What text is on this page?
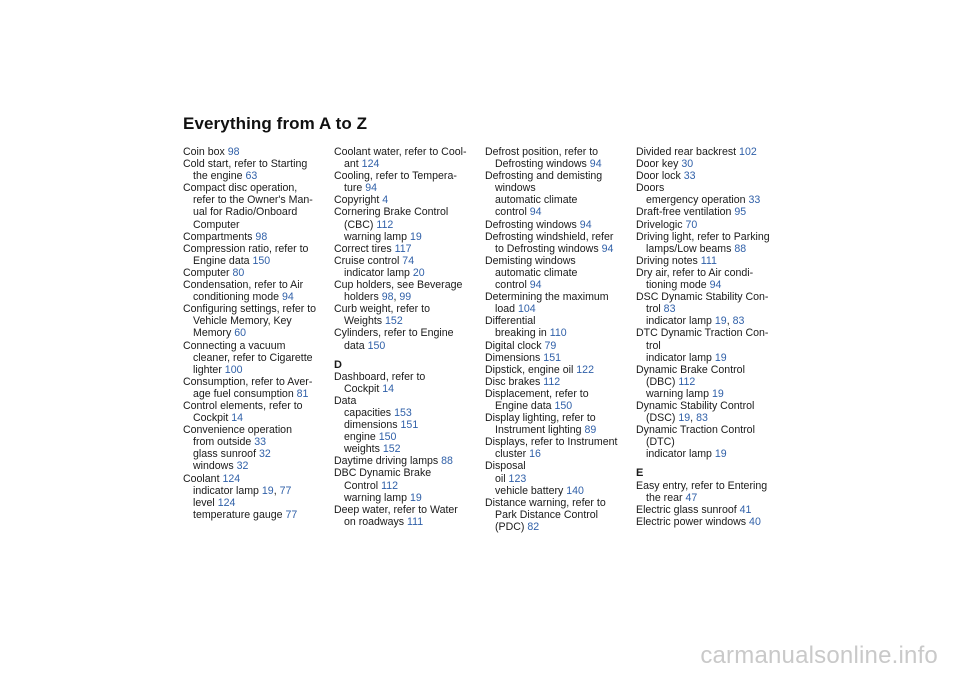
Everything from A to Z
Coin box 98
Cold start, refer to Starting
the engine 63
Compact disc operation,
refer to the Owner's Man-
ual for Radio/Onboard
Computer
Compartments 98
Compression ratio, refer to
Engine data 150
Computer 80
Condensation, refer to Air
conditioning mode 94
Configuring settings, refer to
Vehicle Memory, Key
Memory 60
Connecting a vacuum
cleaner, refer to Cigarette
lighter 100
Consumption, refer to Aver-
age fuel consumption 81
Control elements, refer to
Cockpit 14
Convenience operation
from outside 33
glass sunroof 32
windows 32
Coolant 124
indicator lamp 19, 77
level 124
temperature gauge 77
Coolant water, refer to Cool-
ant 124
Cooling, refer to Tempera-
ture 94
Copyright 4
Cornering Brake Control
(CBC) 112
warning lamp 19
Correct tires 117
Cruise control 74
indicator lamp 20
Cup holders, see Beverage
holders 98, 99
Curb weight, refer to
Weights 152
Cylinders, refer to Engine
data 150
D
Dashboard, refer to
Cockpit 14
Data
capacities 153
dimensions 151
engine 150
weights 152
Daytime driving lamps 88
DBC Dynamic Brake
Control 112
warning lamp 19
Deep water, refer to Water
on roadways 111
Defrost position, refer to
Defrosting windows 94
Defrosting and demisting
windows
automatic climate
control 94
Defrosting windows 94
Defrosting windshield, refer
to Defrosting windows 94
Demisting windows
automatic climate
control 94
Determining the maximum
load 104
Differential
breaking in 110
Digital clock 79
Dimensions 151
Dipstick, engine oil 122
Disc brakes 112
Displacement, refer to
Engine data 150
Display lighting, refer to
Instrument lighting 89
Displays, refer to Instrument
cluster 16
Disposal
oil 123
vehicle battery 140
Distance warning, refer to
Park Distance Control
(PDC) 82
Divided rear backrest 102
Door key 30
Door lock 33
Doors
emergency operation 33
Draft-free ventilation 95
Drivelogic 70
Driving light, refer to Parking
lamps/Low beams 88
Driving notes 111
Dry air, refer to Air condi-
tioning mode 94
DSC Dynamic Stability Con-
trol 83
indicator lamp 19, 83
DTC Dynamic Traction Con-
trol
indicator lamp 19
Dynamic Brake Control
(DBC) 112
warning lamp 19
Dynamic Stability Control
(DSC) 19, 83
Dynamic Traction Control
(DTC)
indicator lamp 19
E
Easy entry, refer to Entering
the rear 47
Electric glass sunroof 41
Electric power windows 40
carmanualsonline.info
